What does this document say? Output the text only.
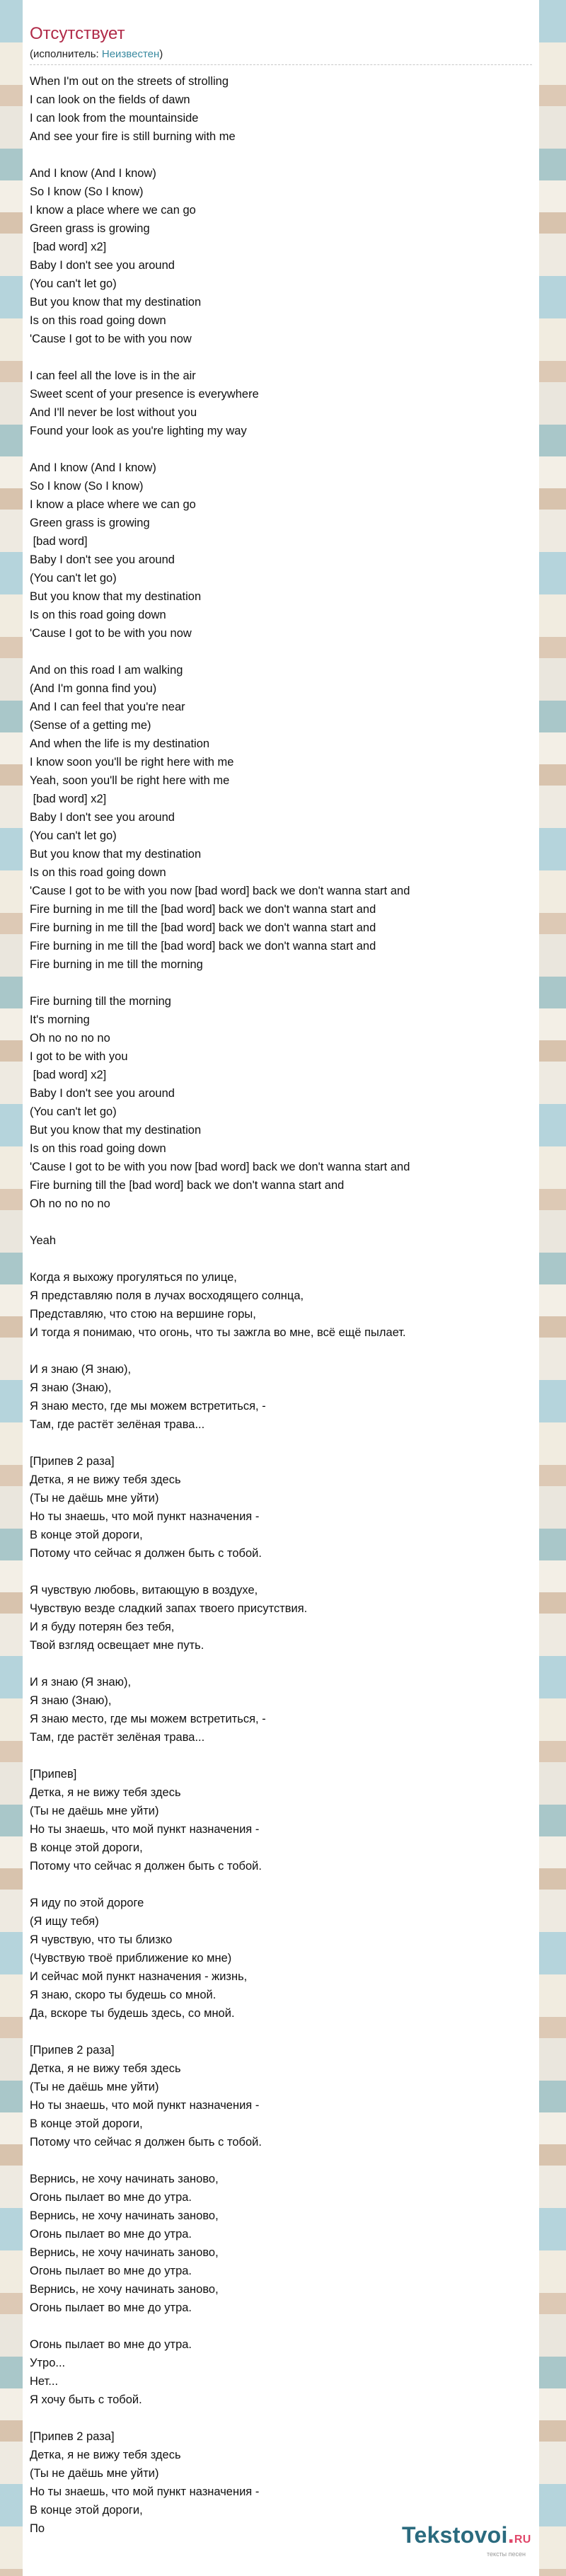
Отсутствует
(исполнитель: Неизвестен)
When I'm out on the streets of strolling
I can look on the fields of dawn
I can look from the mountainside
And see your fire is still burning with me

And I know (And I know)
So I know (So I know)
I know a place where we can go
Green grass is growing
[bad word] x2]
Baby I don't see you around
(You can't let go)
But you know that my destination
Is on this road going down
'Cause I got to be with you now

I can feel all the love is in the air
Sweet scent of your presence is everywhere
And I'll never be lost without you
Found your look as you're lighting my way

And I know (And I know)
So I know (So I know)
I know a place where we can go
Green grass is growing
[bad word]
Baby I don't see you around
(You can't let go)
But you know that my destination
Is on this road going down
'Cause I got to be with you now

And on this road I am walking
(And I'm gonna find you)
And I can feel that you're near
(Sense of a getting me)
And when the life is my destination
I know soon you'll be right here with me
Yeah, soon you'll be right here with me
[bad word] x2]
Baby I don't see you around
(You can't let go)
But you know that my destination
Is on this road going down
'Cause I got to be with you now [bad word] back we don't wanna start and
Fire burning in me till the [bad word] back we don't wanna start and
Fire burning in me till the [bad word] back we don't wanna start and
Fire burning in me till the [bad word] back we don't wanna start and
Fire burning in me till the morning

Fire burning till the morning
It's morning
Oh no no no no
I got to be with you
[bad word] x2]
Baby I don't see you around
(You can't let go)
But you know that my destination
Is on this road going down
'Cause I got to be with you now [bad word] back we don't wanna start and
Fire burning till the [bad word] back we don't wanna start and
Oh no no no no

Yeah

Когда я выхожу прогуляться по улице,
Я представляю поля в лучах восходящего солнца,
Представляю, что стою на вершине горы,
И тогда я понимаю, что огонь, что ты зажгла во мне, всё ещё пылает.

И я знаю (Я знаю),
Я знаю (Знаю),
Я знаю место, где мы можем встретиться, -
Там, где растёт зелёная трава...

[Припев 2 раза]
Детка, я не вижу тебя здесь
(Ты не даёшь мне уйти)
Но ты знаешь, что мой пункт назначения -
В конце этой дороги,
Потому что сейчас я должен быть с тобой.

Я чувствую любовь, витающую в воздухе,
Чувствую везде сладкий запах твоего присутствия.
И я буду потерян без тебя,
Твой взгляд освещает мне путь.

И я знаю (Я знаю),
Я знаю (Знаю),
Я знаю место, где мы можем встретиться, -
Там, где растёт зелёная трава...

[Припев]
Детка, я не вижу тебя здесь
(Ты не даёшь мне уйти)
Но ты знаешь, что мой пункт назначения -
В конце этой дороги,
Потому что сейчас я должен быть с тобой.

Я иду по этой дороге
(Я ищу тебя)
Я чувствую, что ты близко
(Чувствую твоё приближение ко мне)
И сейчас мой пункт назначения - жизнь,
Я знаю, скоро ты будешь со мной.
Да, вскоре ты будешь здесь, со мной.

[Припев 2 раза]
Детка, я не вижу тебя здесь
(Ты не даёшь мне уйти)
Но ты знаешь, что мой пункт назначения -
В конце этой дороги,
Потому что сейчас я должен быть с тобой.

Вернись, не хочу начинать заново,
Огонь пылает во мне до утра.
Вернись, не хочу начинать заново,
Огонь пылает во мне до утра.
Вернись, не хочу начинать заново,
Огонь пылает во мне до утра.
Вернись, не хочу начинать заново,
Огонь пылает во мне до утра.

Огонь пылает во мне до утра.
Утро...
Нет...
Я хочу быть с тобой.

[Припев 2 раза]
Детка, я не вижу тебя здесь
(Ты не даёшь мне уйти)
Но ты знаешь, что мой пункт назначения -
В конце этой дороги,
По	Tekstovoi.RU
тексты песен
